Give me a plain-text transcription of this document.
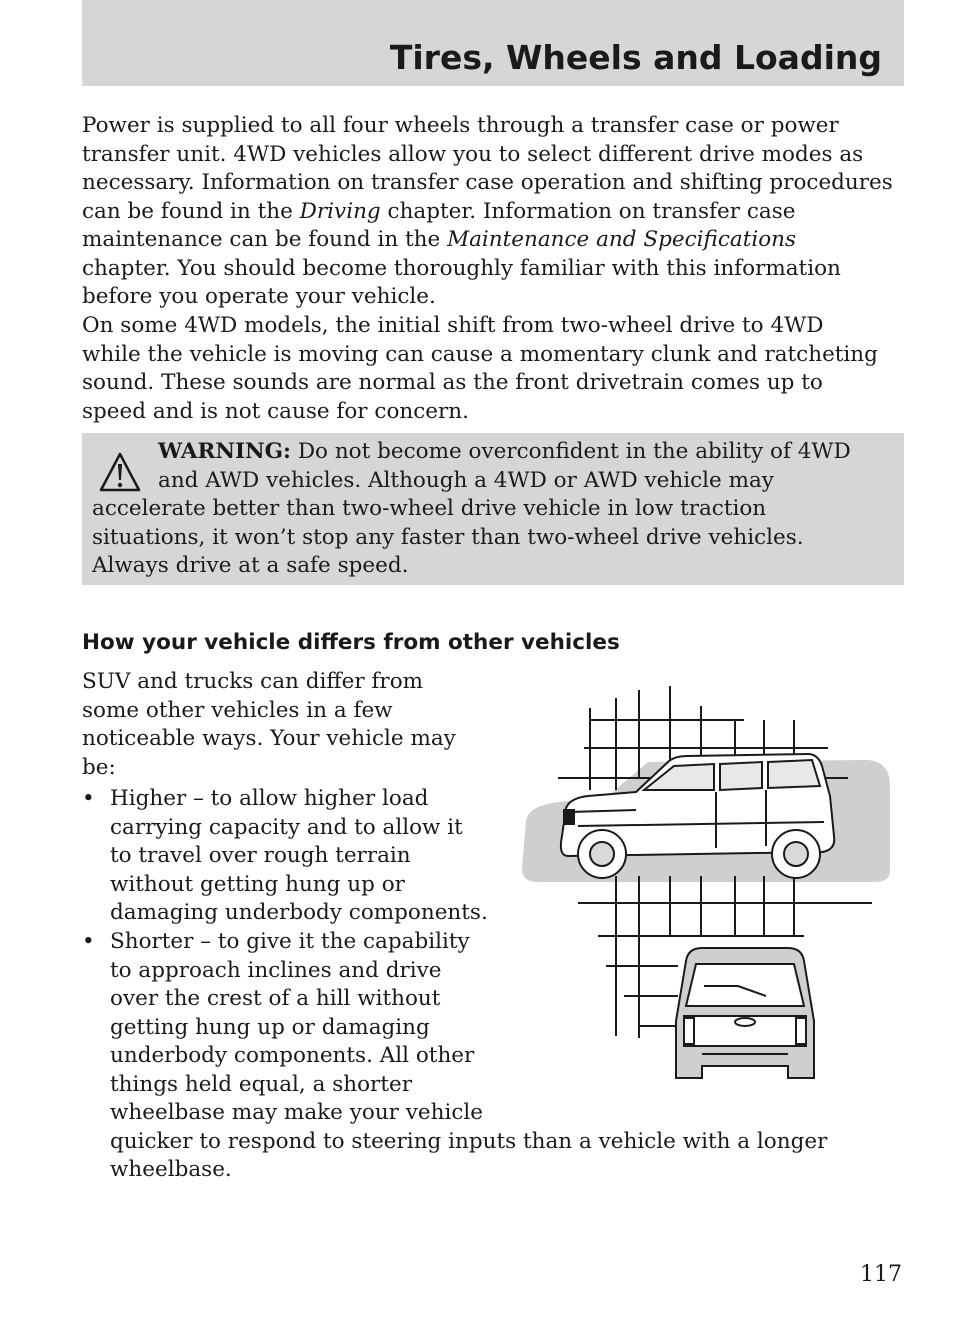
Tires, Wheels and Loading

Power is supplied to all four wheels through a transfer case or power

transfer unit. 4WD vehicles allow you to select different drive modes as

necessary. Information on transfer case operation and shifting procedures

can be found in the Driving chapter. Information on transfer case

maintenance can be found in the Maintenance and Specifications

chapter. You should become thoroughly familiar with this information

before you operate your vehicle.

On some 4WD models, the initial shift from two-wheel drive to 4WD

while the vehicle is moving can cause a momentary clunk and ratcheting

sound. These sounds are normal as the front drivetrain comes up to

speed and is not cause for concern.

WARNING: Do not become overconfident in the ability of 4WD
and AWD vehicles. Although a 4WD or AWD vehicle may
accelerate better than two-wheel drive vehicle in low traction
situations, it won’t stop any faster than two-wheel drive vehicles.
Always drive at a safe speed.
How your vehicle differs from other vehicles
SUV and trucks can differ from
some other vehicles in a few
noticeable ways. Your vehicle may
be:
• Higher – to allow higher load
carrying capacity and to allow it
to travel over rough terrain
without getting hung up or
damaging underbody components.
• Shorter – to give it the capability
to approach inclines and drive
over the crest of a hill without
getting hung up or damaging
underbody components. All other
things held equal, a shorter
wheelbase may make your vehicle
quicker to respond to steering inputs than a vehicle with a longer
wheelbase.
117
